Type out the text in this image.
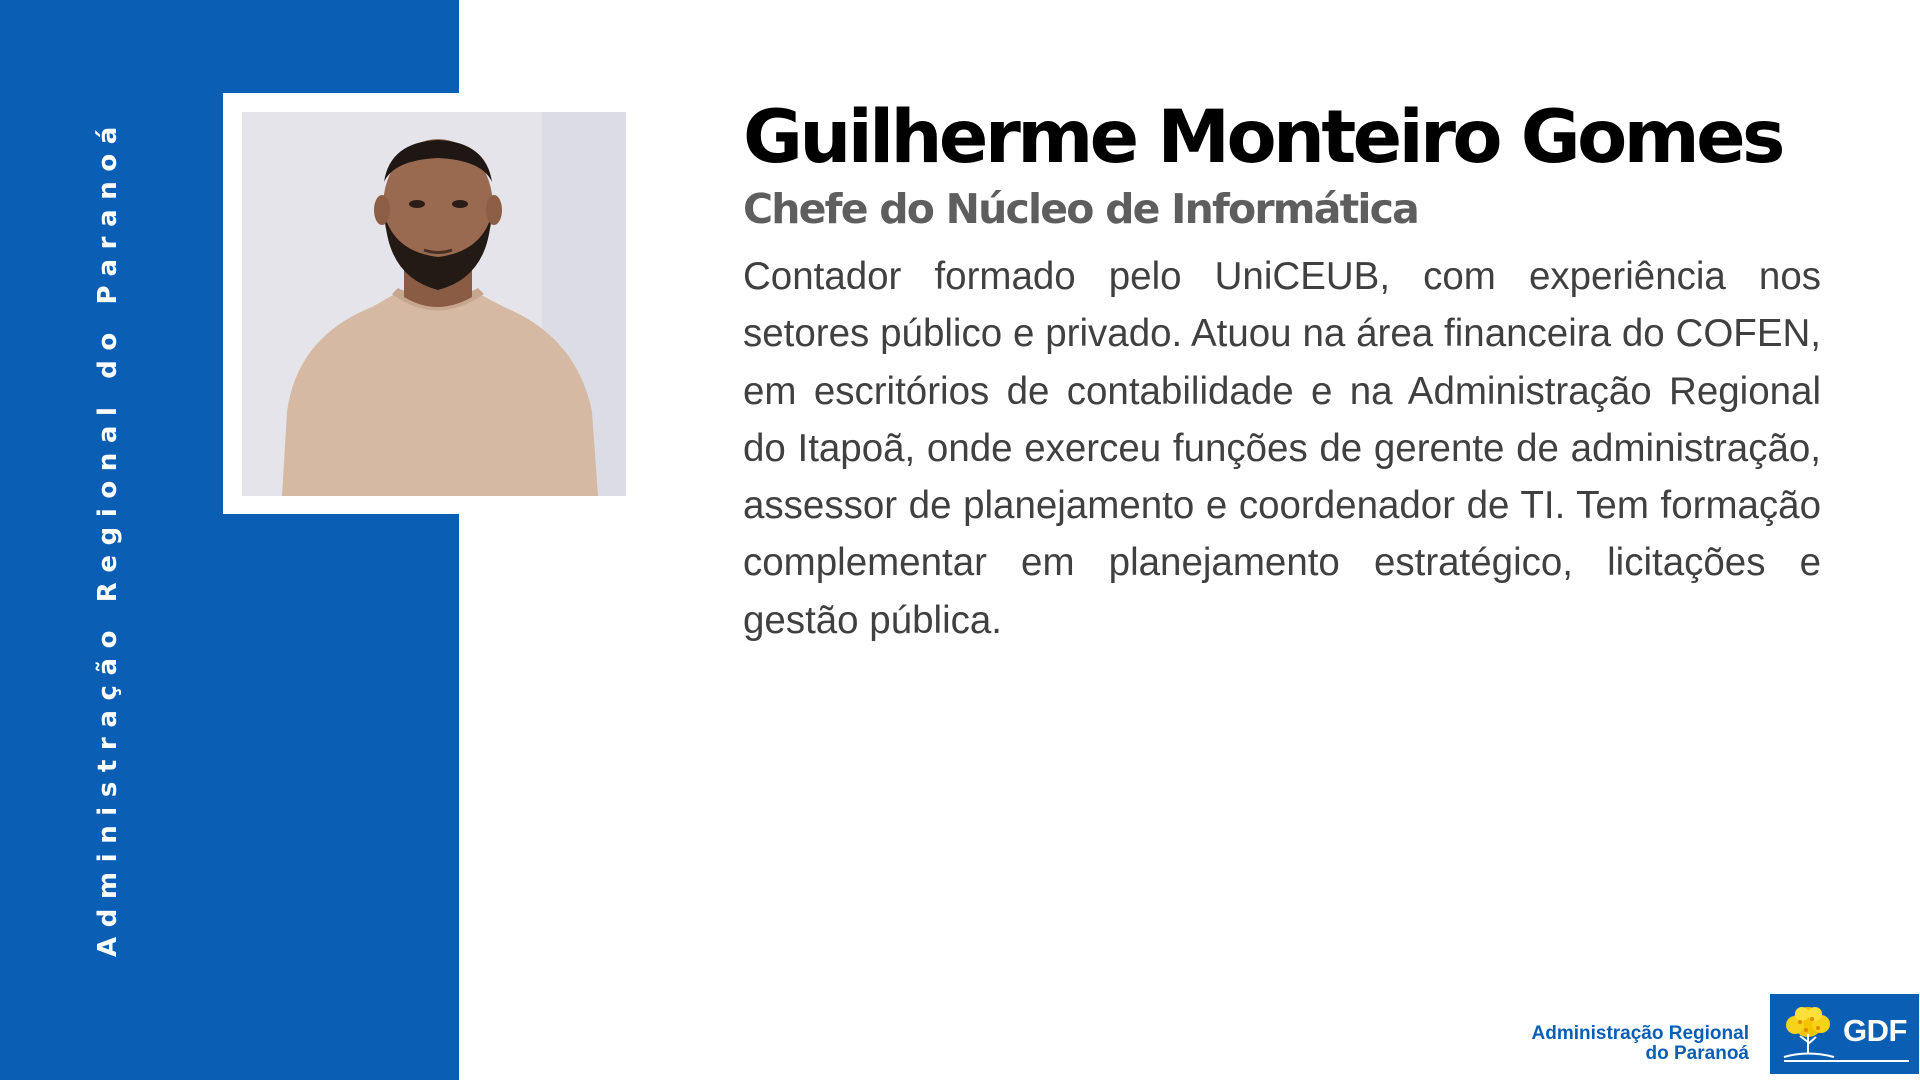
Administração Regional do Paranoá	Guilherme Monteiro Gomes
Chefe do Núcleo de Informática

Contador formado pelo UniCEUB, com experiência nos setores público e privado. Atuou na área financeira do COFEN, em escritórios de contabilidade e na Administração Regional do Itapoã, onde exerceu funções de gerente de administração, assessor de planejamento e coordenador de TI. Tem formação complementar em planejamento estratégico, licitações e gestão pública.

Administração Regional
do Paranoá
GDF
